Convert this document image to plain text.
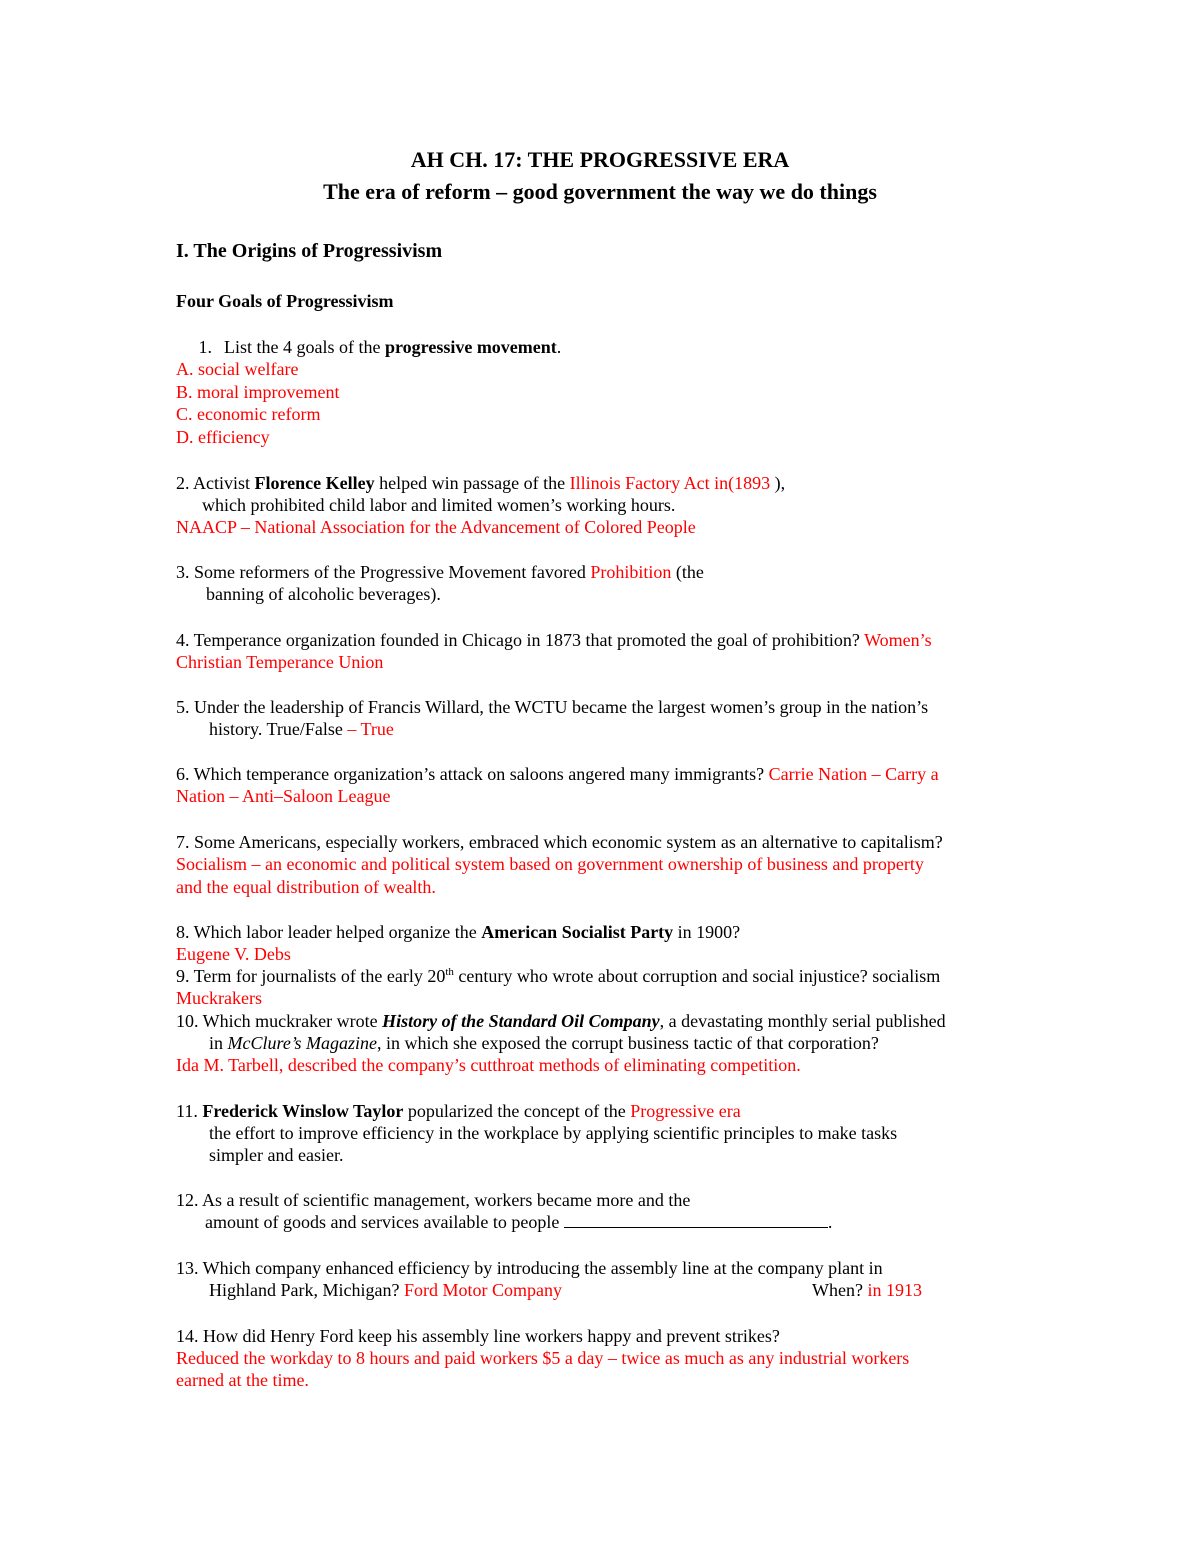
AH CH. 17: THE PROGRESSIVE ERA
The era of reform – good government the way we do things
I. The Origins of Progressivism
Four Goals of Progressivism
1. List the 4 goals of the progressive movement.
A. social welfare
B. moral improvement
C. economic reform
D. efficiency
2. Activist Florence Kelley helped win passage of the Illinois Factory Act in(1893 ),
which prohibited child labor and limited women’s working hours.
NAACP – National Association for the Advancement of Colored People
3. Some reformers of the Progressive Movement favored Prohibition (the
banning of alcoholic beverages).
4. Temperance organization founded in Chicago in 1873 that promoted the goal of prohibition? Women’s
Christian Temperance Union
5. Under the leadership of Francis Willard, the WCTU became the largest women’s group in the nation’s
history. True/False – True
6. Which temperance organization’s attack on saloons angered many immigrants? Carrie Nation – Carry a
Nation – Anti–Saloon League
7. Some Americans, especially workers, embraced which economic system as an alternative to capitalism?
Socialism – an economic and political system based on government ownership of business and property
and the equal distribution of wealth.
8. Which labor leader helped organize the American Socialist Party in 1900?
Eugene V. Debs
9. Term for journalists of the early 20th century who wrote about corruption and social injustice? socialism
Muckrakers
10. Which muckraker wrote History of the Standard Oil Company, a devastating monthly serial published
in McClure’s Magazine, in which she exposed the corrupt business tactic of that corporation?
Ida M. Tarbell, described the company’s cutthroat methods of eliminating competition.
11. Frederick Winslow Taylor popularized the concept of the Progressive era
the effort to improve efficiency in the workplace by applying scientific principles to make tasks
simpler and easier.
12. As a result of scientific management, workers became more and the
amount of goods and services available to people	.
13. Which company enhanced efficiency by introducing the assembly line at the company plant in
Highland Park, Michigan? Ford Motor Company	When? in 1913
14. How did Henry Ford keep his assembly line workers happy and prevent strikes?
Reduced the workday to 8 hours and paid workers $5 a day – twice as much as any industrial workers
earned at the time.
